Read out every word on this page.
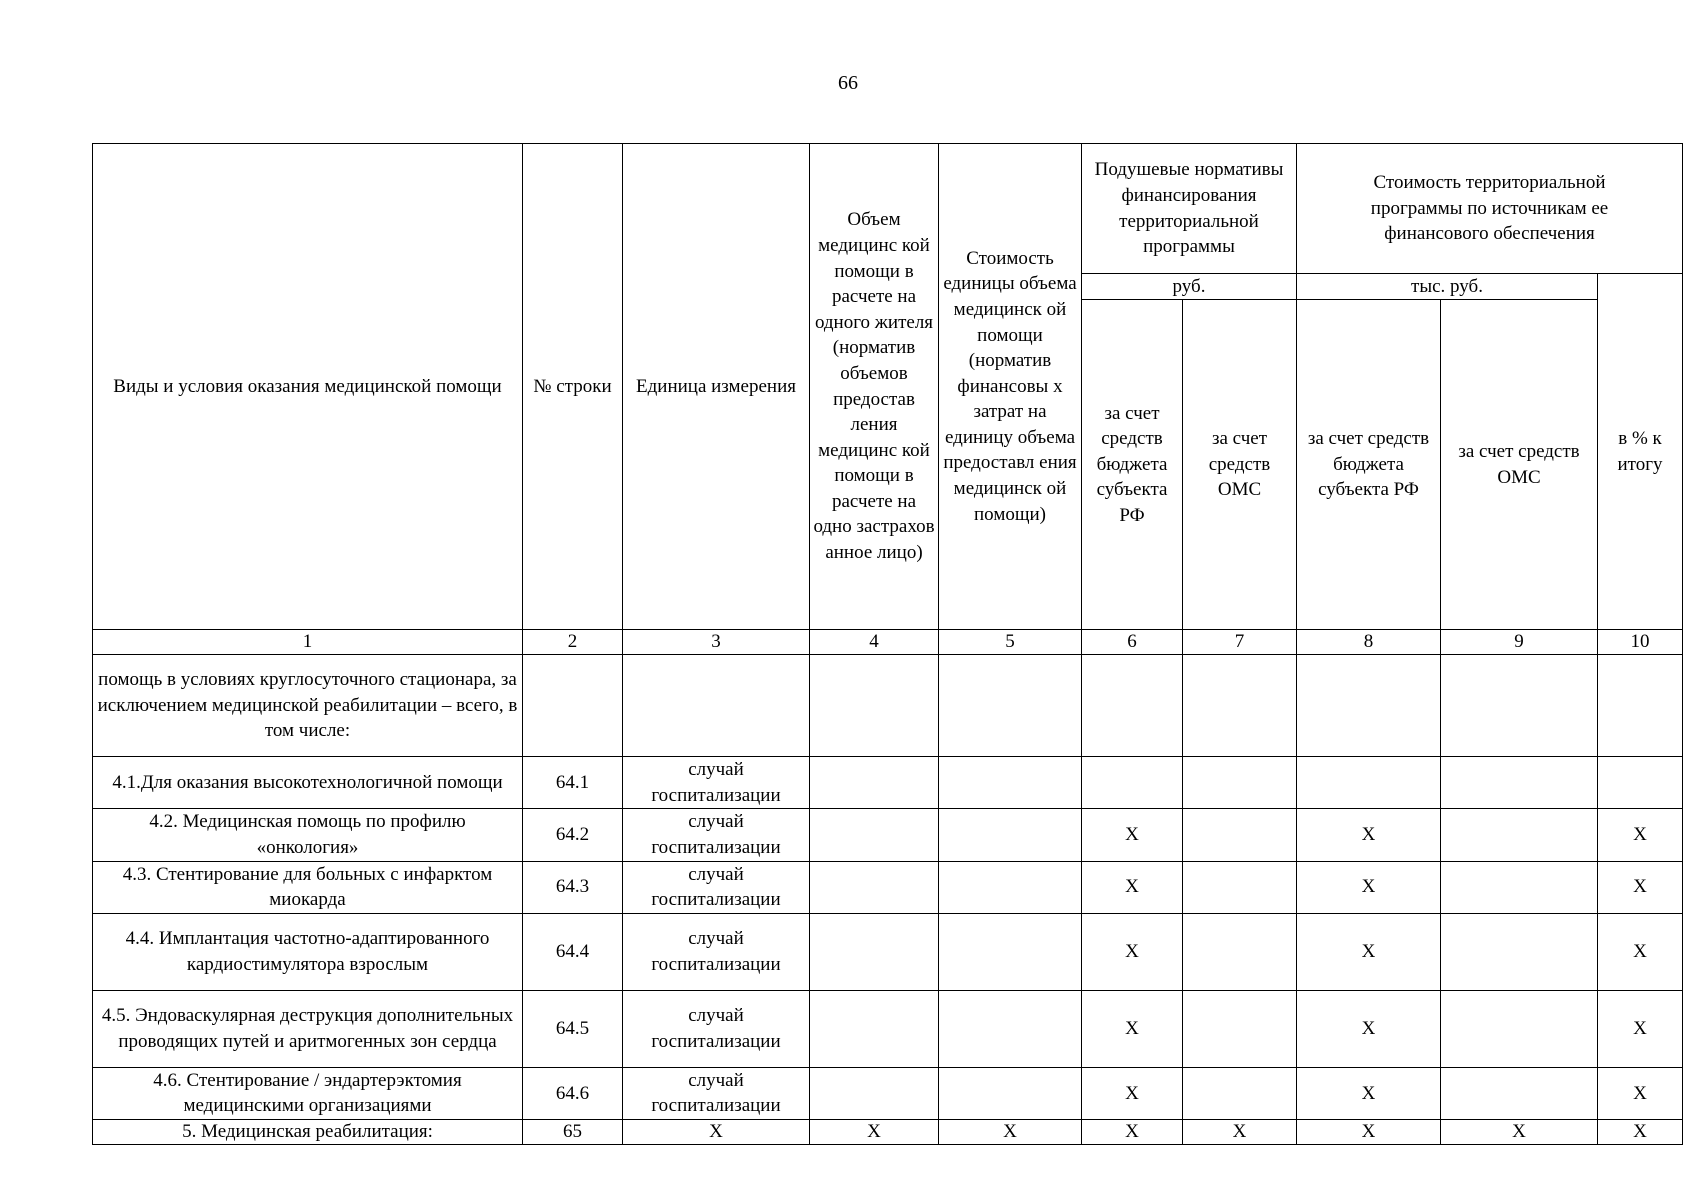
66
Виды и условия оказания медицинской помощи	№ строки	Единица измерения	Объем медицинс кой помощи в расчете на одного жителя (норматив объемов предостав ления медицинс кой помощи в расчете на одно застрахов анное лицо)	Стоимость единицы объема медицинск ой помощи (норматив финансовы х затрат на единицу объема предоставл ения медицинск ой помощи)	Подушевые нормативы финансирования территориальной программы		Стоимость территориальной программы по источникам ее финансового обеспечения		
					руб.		тыс. руб.		в % к итогу
					за счет средств бюджета субъекта РФ	за счет средств ОМС	за счет средств бюджета субъекта РФ	за счет средств ОМС	
1	2	3	4	5	6	7	8	9	10
помощь в условиях круглосуточного стационара, за исключением медицинской реабилитации – всего, в том числе:									
4.1.Для оказания высокотехнологичной помощи	64.1	случай госпитализации							
4.2. Медицинская помощь по профилю «онкология»	64.2	случай госпитализации			X		X		X
4.3. Стентирование для больных с инфарктом миокарда	64.3	случай госпитализации			X		X		X
4.4. Имплантация частотно-адаптированного кардиостимулятора взрослым	64.4	случай госпитализации			X		X		X
4.5. Эндоваскулярная деструкция дополнительных проводящих путей и аритмогенных зон сердца	64.5	случай госпитализации			X		X		X
4.6. Стентирование / эндартерэктомия медицинскими организациями	64.6	случай госпитализации			X		X		X
5. Медицинская реабилитация:	65	X	X	X	X	X	X	X	X
